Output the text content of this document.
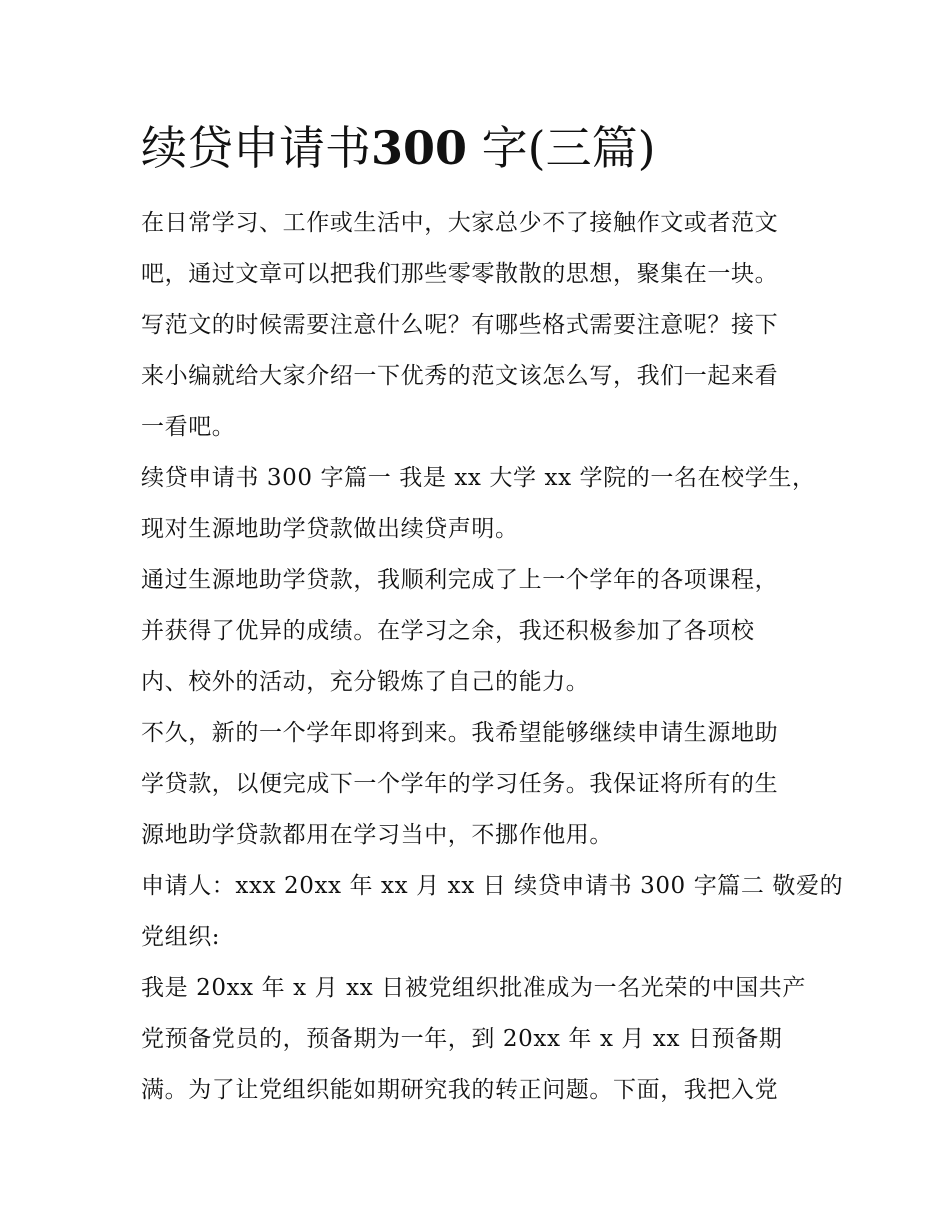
续贷申请书300 字(三篇)

在日常学习、工作或生活中，大家总少不了接触作文或者范文
吧，通过文章可以把我们那些零零散散的思想，聚集在一块。
写范文的时候需要注意什么呢？有哪些格式需要注意呢？接下
来小编就给大家介绍一下优秀的范文该怎么写，我们一起来看
一看吧。

续贷申请书 300 字篇一 我是 xx 大学 xx 学院的一名在校学生，
现对生源地助学贷款做出续贷声明。

通过生源地助学贷款，我顺利完成了上一个学年的各项课程，
并获得了优异的成绩。在学习之余，我还积极参加了各项校
内、校外的活动，充分锻炼了自己的能力。

不久，新的一个学年即将到来。我希望能够继续申请生源地助
学贷款，以便完成下一个学年的学习任务。我保证将所有的生
源地助学贷款都用在学习当中，不挪作他用。

申请人：xxx 20xx 年 xx 月 xx 日 续贷申请书 300 字篇二 敬爱的
党组织:

我是 20xx 年 x 月 xx 日被党组织批准成为一名光荣的中国共产
党预备党员的，预备期为一年，到 20xx 年 x 月 xx 日预备期
满。为了让党组织能如期研究我的转正问题。下面，我把入党
